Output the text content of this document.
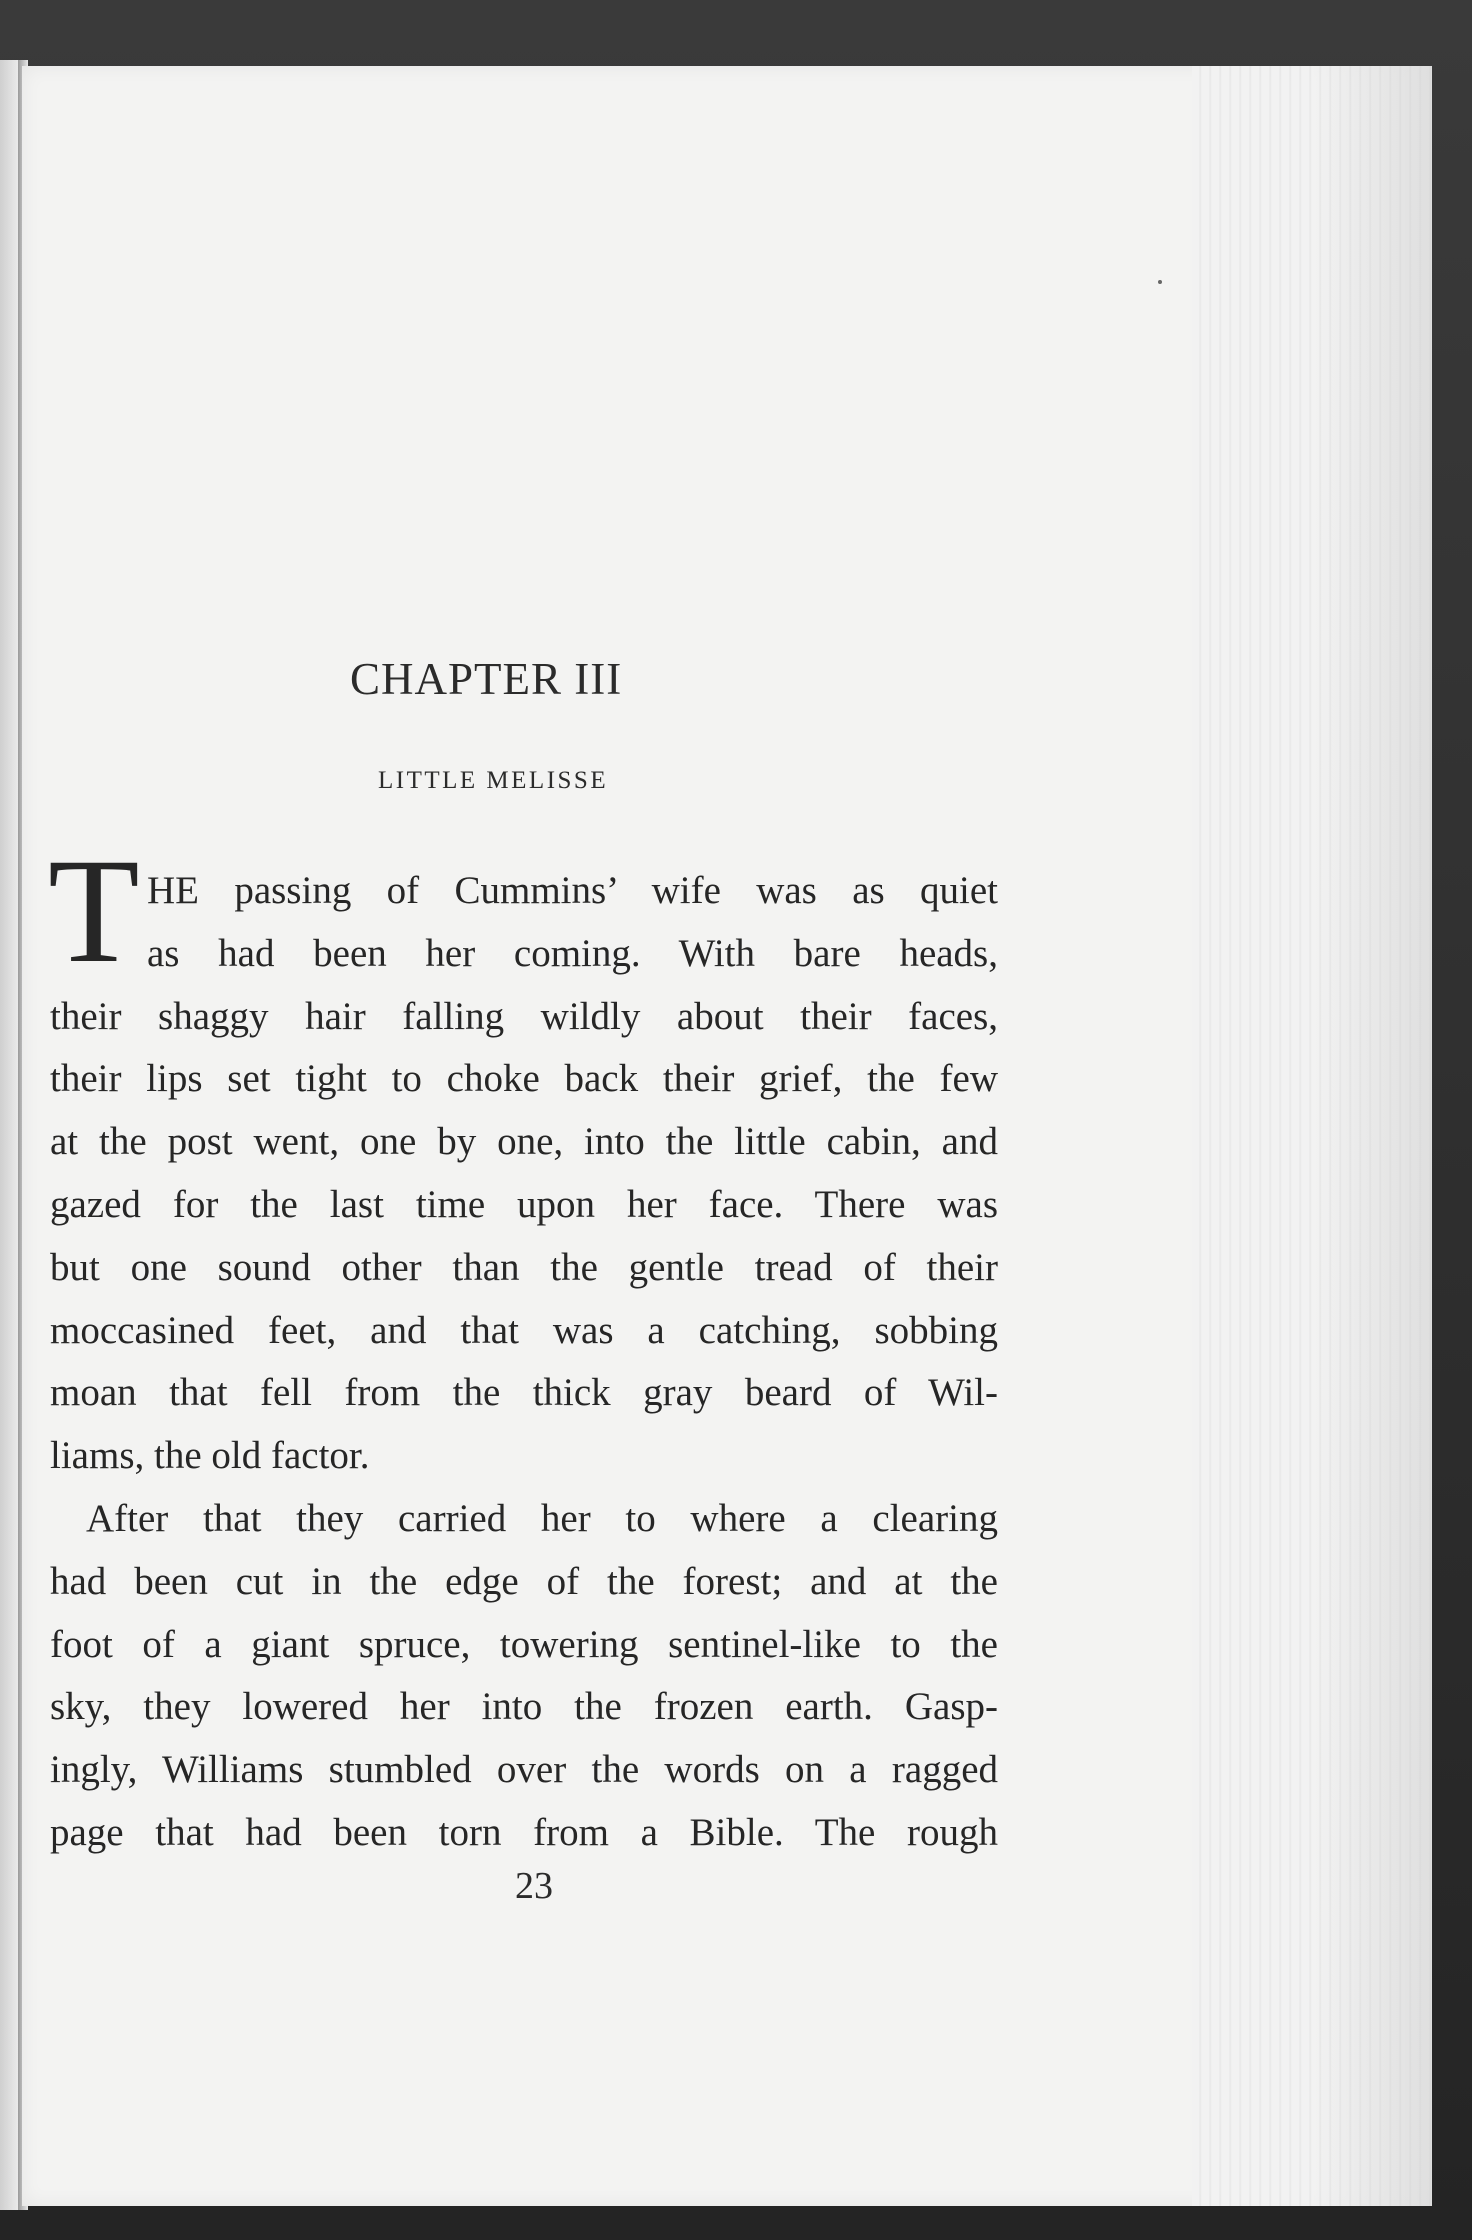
CHAPTER III
LITTLE MELISSE
T HE passing of Cummins’ wife was as quiet
as had been her coming. With bare heads,
their shaggy hair falling wildly about their faces,
their lips set tight to choke back their grief, the few
at the post went, one by one, into the little cabin, and
gazed for the last time upon her face. There was
but one sound other than the gentle tread of their
moccasined feet, and that was a catching, sobbing
moan that fell from the thick gray beard of Wil-
liams, the old factor.
After that they carried her to where a clearing
had been cut in the edge of the forest; and at the
foot of a giant spruce, towering sentinel-like to the
sky, they lowered her into the frozen earth. Gasp-
ingly, Williams stumbled over the words on a ragged
page that had been torn from a Bible. The rough
23
